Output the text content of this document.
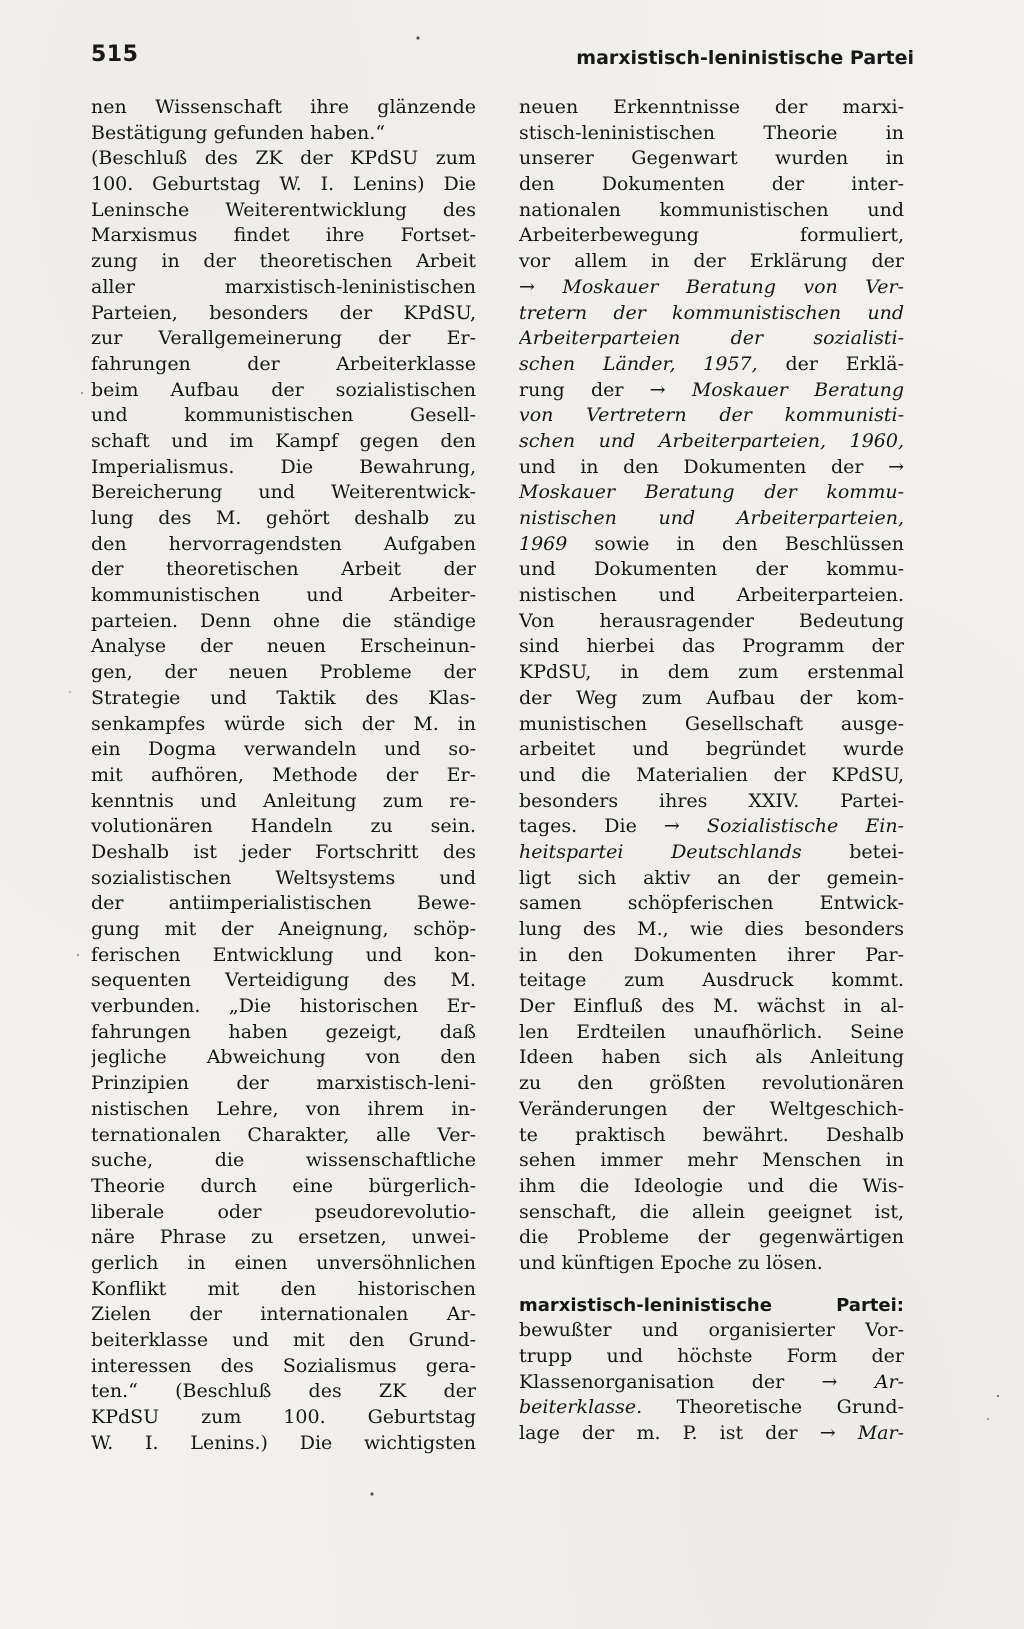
515	marxistisch-leninistische Partei
nen Wissenschaft ihre glänzende
Bestätigung gefunden haben.“
(Beschluß des ZK der KPdSU zum
100. Geburtstag W. I. Lenins) Die
Leninsche Weiterentwicklung des
Marxismus findet ihre Fortset-
zung in der theoretischen Arbeit
aller marxistisch-leninistischen
Parteien, besonders der KPdSU,
zur Verallgemeinerung der Er-
fahrungen der Arbeiterklasse
beim Aufbau der sozialistischen
und kommunistischen Gesell-
schaft und im Kampf gegen den
Imperialismus. Die Bewahrung,
Bereicherung und Weiterentwick-
lung des M. gehört deshalb zu
den hervorragendsten Aufgaben
der theoretischen Arbeit der
kommunistischen und Arbeiter-
parteien. Denn ohne die ständige
Analyse der neuen Erscheinun-
gen, der neuen Probleme der
Strategie und Taktik des Klas-
senkampfes würde sich der M. in
ein Dogma verwandeln und so-
mit aufhören, Methode der Er-
kenntnis und Anleitung zum re-
volutionären Handeln zu sein.
Deshalb ist jeder Fortschritt des
sozialistischen Weltsystems und
der antiimperialistischen Bewe-
gung mit der Aneignung, schöp-
ferischen Entwicklung und kon-
sequenten Verteidigung des M.
verbunden. „Die historischen Er-
fahrungen haben gezeigt, daß
jegliche Abweichung von den
Prinzipien der marxistisch-leni-
nistischen Lehre, von ihrem in-
ternationalen Charakter, alle Ver-
suche, die wissenschaftliche
Theorie durch eine bürgerlich-
liberale oder pseudorevolutio-
näre Phrase zu ersetzen, unwei-
gerlich in einen unversöhnlichen
Konflikt mit den historischen
Zielen der internationalen Ar-
beiterklasse und mit den Grund-
interessen des Sozialismus gera-
ten.“ (Beschluß des ZK der
KPdSU zum 100. Geburtstag
W. I. Lenins.) Die wichtigsten
neuen Erkenntnisse der marxi-
stisch-leninistischen Theorie in
unserer Gegenwart wurden in
den Dokumenten der inter-
nationalen kommunistischen und
Arbeiterbewegung formuliert,
vor allem in der Erklärung der
→ Moskauer Beratung von Ver-
tretern der kommunistischen und
Arbeiterparteien der sozialisti-
schen Länder, 1957, der Erklä-
rung der → Moskauer Beratung
von Vertretern der kommunisti-
schen und Arbeiterparteien, 1960,
und in den Dokumenten der →
Moskauer Beratung der kommu-
nistischen und Arbeiterparteien,
1969 sowie in den Beschlüssen
und Dokumenten der kommu-
nistischen und Arbeiterparteien.
Von herausragender Bedeutung
sind hierbei das Programm der
KPdSU, in dem zum erstenmal
der Weg zum Aufbau der kom-
munistischen Gesellschaft ausge-
arbeitet und begründet wurde
und die Materialien der KPdSU,
besonders ihres XXIV. Partei-
tages. Die → Sozialistische Ein-
heitspartei Deutschlands betei-
ligt sich aktiv an der gemein-
samen schöpferischen Entwick-
lung des M., wie dies besonders
in den Dokumenten ihrer Par-
teitage zum Ausdruck kommt.
Der Einfluß des M. wächst in al-
len Erdteilen unaufhörlich. Seine
Ideen haben sich als Anleitung
zu den größten revolutionären
Veränderungen der Weltgeschich-
te praktisch bewährt. Deshalb
sehen immer mehr Menschen in
ihm die Ideologie und die Wis-
senschaft, die allein geeignet ist,
die Probleme der gegenwärtigen
und künftigen Epoche zu lösen.
marxistisch-leninistische Partei:
bewußter und organisierter Vor-
trupp und höchste Form der
Klassenorganisation der → Ar-
beiterklasse. Theoretische Grund-
lage der m. P. ist der → Mar-
